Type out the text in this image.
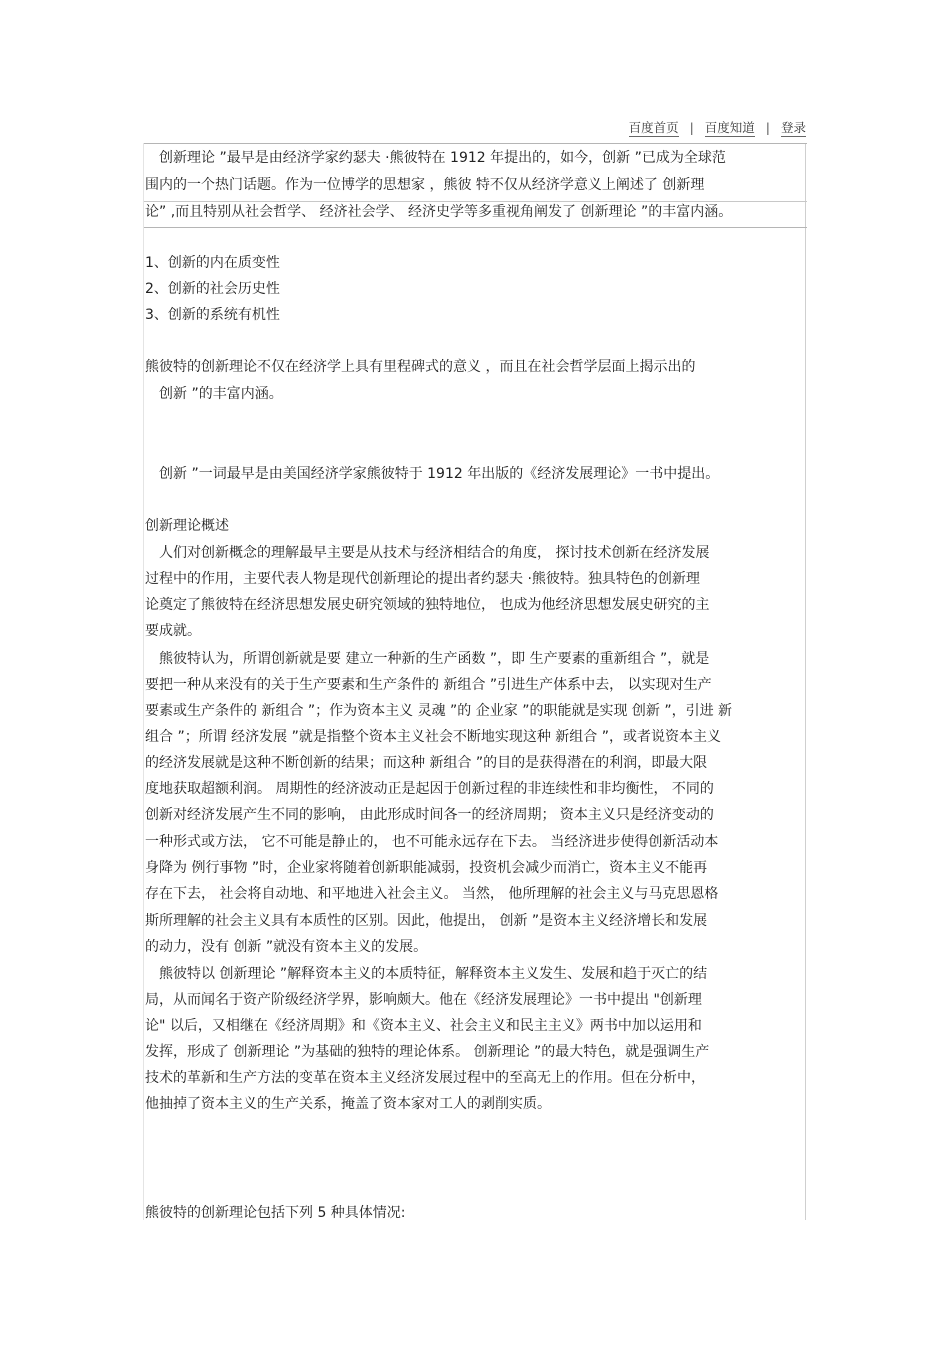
百度首页 | 百度知道 | 登录
创新理论 ”最早是由经济学家约瑟夫 ·熊彼特在 1912 年提出的，如今，创新 ”已成为全球范
围内的一个热门话题。作为一位博学的思想家 ，熊彼 特不仅从经济学意义上阐述了 创新理
论” ,而且特别从社会哲学、 经济社会学、 经济史学等多重视角阐发了 创新理论 ”的丰富内涵。
1、创新的内在质变性
2、创新的社会历史性
3、创新的系统有机性
熊彼特的创新理论不仅在经济学上具有里程碑式的意义 ，而且在社会哲学层面上揭示出的
创新 ”的丰富内涵。
创新 ”一词最早是由美国经济学家熊彼特于 1912 年出版的《经济发展理论》一书中提出。
创新理论概述
人们对创新概念的理解最早主要是从技术与经济相结合的角度， 探讨技术创新在经济发展
过程中的作用，主要代表人物是现代创新理论的提出者约瑟夫 ·熊彼特。独具特色的创新理
论奠定了熊彼特在经济思想发展史研究领域的独特地位， 也成为他经济思想发展史研究的主
要成就。
熊彼特认为，所谓创新就是要 建立一种新的生产函数 ”，即 生产要素的重新组合 ”，就是
要把一种从来没有的关于生产要素和生产条件的 新组合 ”引进生产体系中去， 以实现对生产
要素或生产条件的 新组合 ”；作为资本主义 灵魂 ”的 企业家 ”的职能就是实现 创新 ”，引进 新
组合 ”；所谓 经济发展 ”就是指整个资本主义社会不断地实现这种 新组合 ”，或者说资本主义
的经济发展就是这种不断创新的结果；而这种 新组合 ”的目的是获得潜在的利润，即最大限
度地获取超额利润。 周期性的经济波动正是起因于创新过程的非连续性和非均衡性， 不同的
创新对经济发展产生不同的影响， 由此形成时间各一的经济周期； 资本主义只是经济变动的
一种形式或方法， 它不可能是静止的， 也不可能永远存在下去。 当经济进步使得创新活动本
身降为 例行事物 ”时，企业家将随着创新职能减弱，投资机会减少而消亡，资本主义不能再
存在下去， 社会将自动地、和平地进入社会主义。 当然， 他所理解的社会主义与马克思恩格
斯所理解的社会主义具有本质性的区别。因此，他提出， 创新 ”是资本主义经济增长和发展
的动力，没有 创新 ”就没有资本主义的发展。
熊彼特以 创新理论 ”解释资本主义的本质特征，解释资本主义发生、发展和趋于灭亡的结
局，从而闻名于资产阶级经济学界，影响颇大。他在《经济发展理论》一书中提出 "创新理
论" 以后，又相继在《经济周期》和《资本主义、社会主义和民主主义》两书中加以运用和
发挥，形成了 创新理论 ”为基础的独特的理论体系。 创新理论 ”的最大特色，就是强调生产
技术的革新和生产方法的变革在资本主义经济发展过程中的至高无上的作用。但在分析中，
他抽掉了资本主义的生产关系，掩盖了资本家对工人的剥削实质。
熊彼特的创新理论包括下列 5 种具体情况:
